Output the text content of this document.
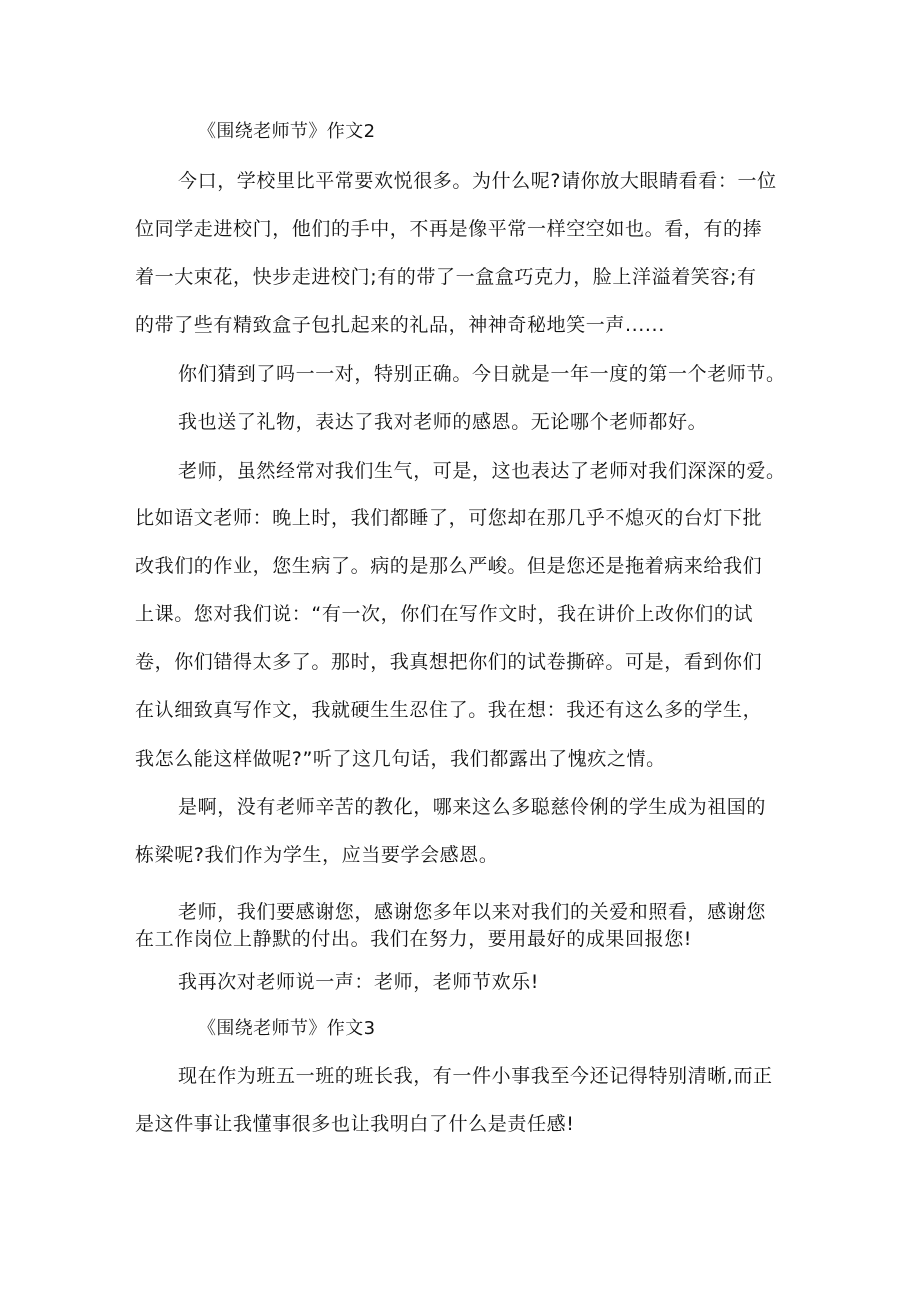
《围绕老师节》作文2
今口，学校里比平常要欢悦很多。为什么呢?请你放大眼睛看看：一位
位同学走进校门，他们的手中，不再是像平常一样空空如也。看，有的捧
着一大束花，快步走进校门;有的带了一盒盒巧克力，脸上洋溢着笑容;有
的带了些有精致盒子包扎起来的礼品，神神奇秘地笑一声......
你们猜到了吗一一对，特别正确。今日就是一年一度的第一个老师节。
我也送了礼物，表达了我对老师的感恩。无论哪个老师都好。
老师，虽然经常对我们生气，可是，这也表达了老师对我们深深的爱。
比如语文老师：晚上时，我们都睡了，可您却在那几乎不熄灭的台灯下批
改我们的作业，您生病了。病的是那么严峻。但是您还是拖着病来给我们
上课。您对我们说：“有一次，你们在写作文时，我在讲价上改你们的试
卷，你们错得太多了。那时，我真想把你们的试卷撕碎。可是，看到你们
在认细致真写作文，我就硬生生忍住了。我在想：我还有这么多的学生，
我怎么能这样做呢?”听了这几句话，我们都露出了愧疚之情。
是啊，没有老师辛苦的教化，哪来这么多聪慈伶俐的学生成为祖国的
栋梁呢?我们作为学生，应当要学会感恩。
老师，我们要感谢您，感谢您多年以来对我们的关爱和照看，感谢您
在工作岗位上静默的付出。我们在努力，要用最好的成果回报您!
我再次对老师说一声：老师，老师节欢乐!
《围绕老师节》作文3
现在作为班五一班的班长我，有一件小事我至今还记得特别清晰,而正
是这件事让我懂事很多也让我明白了什么是责任感!
